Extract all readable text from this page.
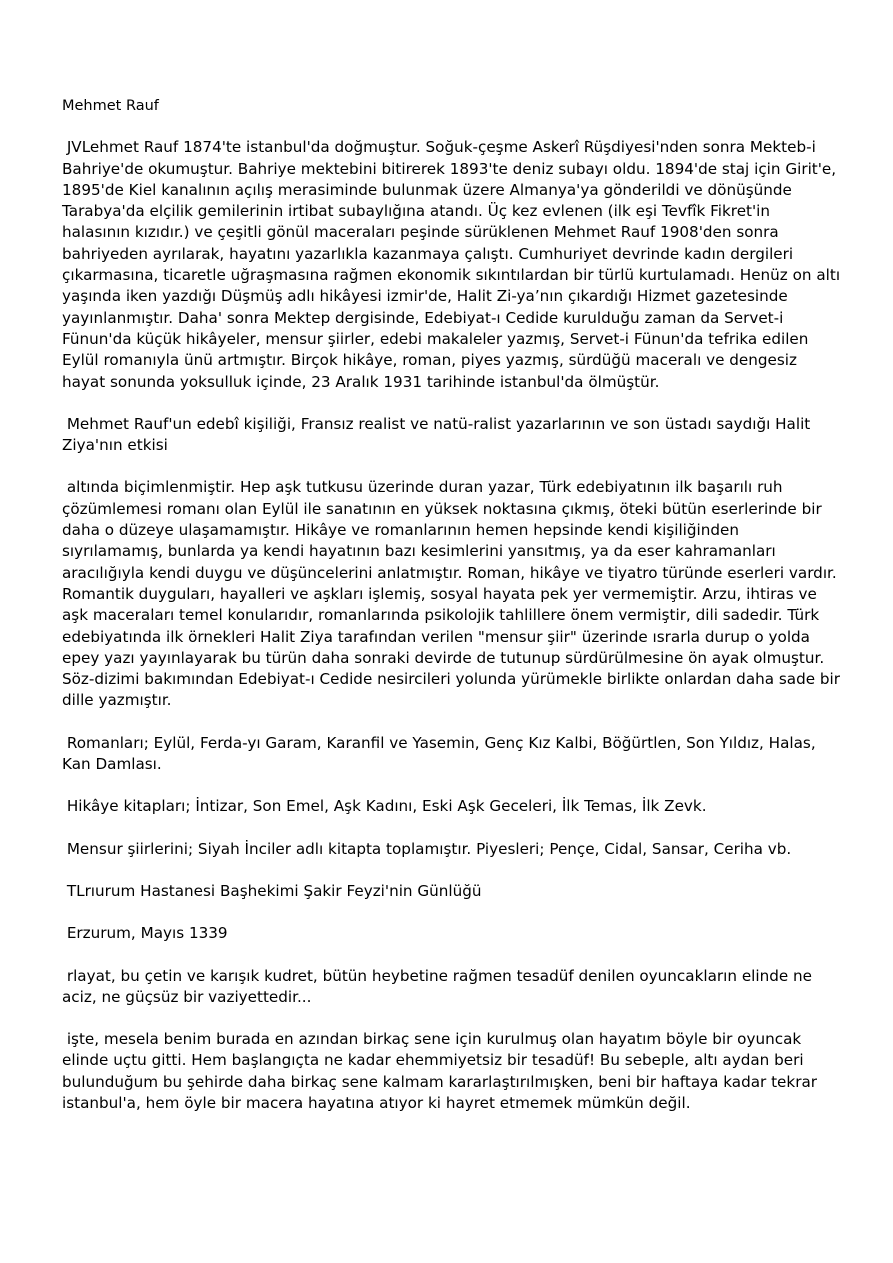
Mehmet Rauf

JVLehmet Rauf 1874'te istanbul'da doğmuştur. Soğuk-çeşme Askerî Rüşdiyesi'nden sonra Mekteb-i Bahriye'de okumuştur. Bahriye mektebini bitirerek 1893'te deniz subayı oldu. 1894'de staj için Girit'e, 1895'de Kiel kanalının açılış merasiminde bulunmak üzere Almanya'ya gönderildi ve dönüşünde Tarabya'da elçilik gemilerinin irtibat subaylığına atandı. Üç kez evlenen (ilk eşi Tevfîk Fikret'in halasının kızıdır.) ve çeşitli gönül maceraları peşinde sürüklenen Mehmet Rauf 1908'den sonra bahriyeden ayrılarak, hayatını yazarlıkla kazanmaya çalıştı. Cumhuriyet devrinde kadın dergileri çıkarmasına, ticaretle uğraşmasına rağmen ekonomik sıkıntılardan bir türlü kurtulamadı. Henüz on altı yaşında iken yazdığı Düşmüş adlı hikâyesi izmir'de, Halit Zi-ya’nın çıkardığı Hizmet gazetesinde yayınlanmıştır. Daha' sonra Mektep dergisinde, Edebiyat-ı Cedide kurulduğu zaman da Servet-i Fünun'da küçük hikâyeler, mensur şiirler, edebi makaleler yazmış, Servet-i Fünun'da tefrika edilen Eylül romanıyla ünü artmıştır. Birçok hikâye, roman, piyes yazmış, sürdüğü maceralı ve dengesiz hayat sonunda yoksulluk içinde, 23 Aralık 1931 tarihinde istanbul'da ölmüştür.

Mehmet Rauf'un edebî kişiliği, Fransız realist ve natü-ralist yazarlarının ve son üstadı saydığı Halit Ziya'nın etkisi

altında biçimlenmiştir. Hep aşk tutkusu üzerinde duran yazar, Türk edebiyatının ilk başarılı ruh çözümlemesi romanı olan Eylül ile sanatının en yüksek noktasına çıkmış, öteki bütün eserlerinde bir daha o düzeye ulaşamamıştır. Hikâye ve romanlarının hemen hepsinde kendi kişiliğinden sıyrılamamış, bunlarda ya kendi hayatının bazı kesimlerini yansıtmış, ya da eser kahramanları aracılığıyla kendi duygu ve düşüncelerini anlatmıştır. Roman, hikâye ve tiyatro türünde eserleri vardır. Romantik duyguları, hayalleri ve aşkları işlemiş, sosyal hayata pek yer vermemiştir. Arzu, ihtiras ve aşk maceraları temel konularıdır, romanlarında psikolojik tahlillere önem vermiştir, dili sadedir. Türk edebiyatında ilk örnekleri Halit Ziya tarafından verilen "mensur şiir" üzerinde ısrarla durup o yolda epey yazı yayınlayarak bu türün daha sonraki devirde de tutunup sürdürülmesine ön ayak olmuştur. Söz-dizimi bakımından Edebiyat-ı Cedide nesircileri yolunda yürümekle birlikte onlardan daha sade bir dille yazmıştır.

Romanları; Eylül, Ferda-yı Garam, Karanfil ve Yasemin, Genç Kız Kalbi, Böğürtlen, Son Yıldız, Halas, Kan Damlası.

Hikâye kitapları; İntizar, Son Emel, Aşk Kadını, Eski Aşk Geceleri, İlk Temas, İlk Zevk.

Mensur şiirlerini; Siyah İnciler adlı kitapta toplamıştır. Piyesleri; Pençe, Cidal, Sansar, Ceriha vb.

TLrıurum Hastanesi Başhekimi Şakir Feyzi'nin Günlüğü

Erzurum, Mayıs 1339

rlayat, bu çetin ve karışık kudret, bütün heybetine rağmen tesadüf denilen oyuncakların elinde ne aciz, ne güçsüz bir vaziyettedir...

işte, mesela benim burada en azından birkaç sene için kurulmuş olan hayatım böyle bir oyuncak elinde uçtu gitti. Hem başlangıçta ne kadar ehemmiyetsiz bir tesadüf! Bu sebeple, altı aydan beri bulunduğum bu şehirde daha birkaç sene kalmam kararlaştırılmışken, beni bir haftaya kadar tekrar istanbul'a, hem öyle bir macera hayatına atıyor ki hayret etmemek mümkün değil.
